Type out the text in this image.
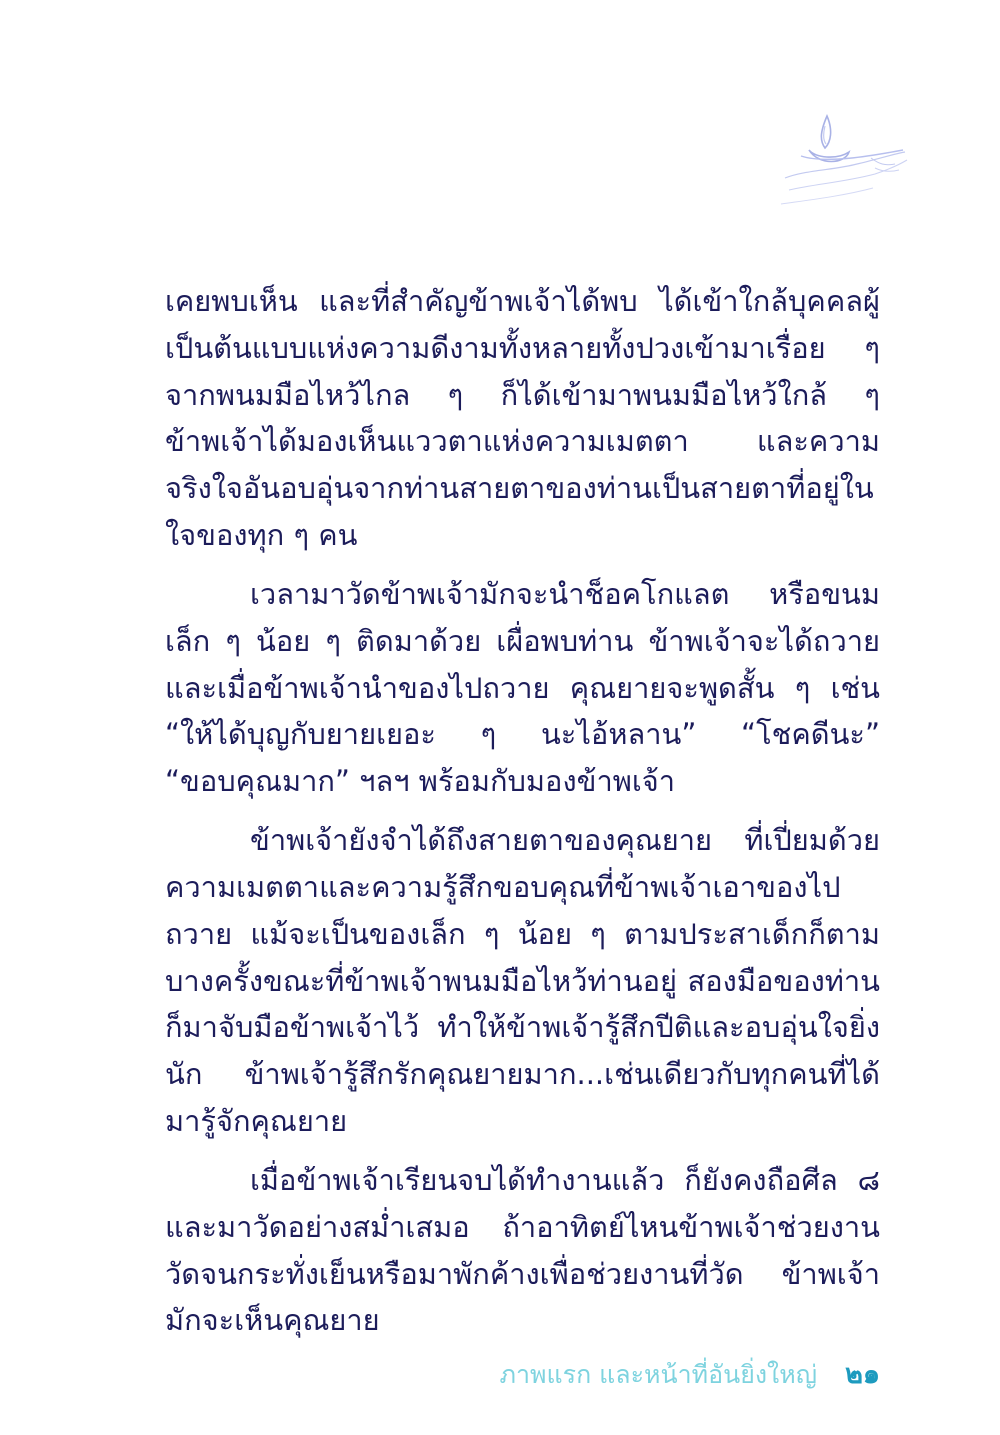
เคยพบเห็น และที่สำคัญข้าพเจ้าได้พบ ได้เข้าใกล้บุคคลผู้เป็นต้นแบบแห่งความดีงามทั้งหลายทั้งปวงเข้ามาเรื่อย ๆ จากพนมมือไหว้ไกล ๆ ก็ได้เข้ามาพนมมือไหว้ใกล้ ๆ ข้าพเจ้าได้มองเห็นแววตาแห่งความเมตตา และความจริงใจอันอบอุ่นจากท่านสายตาของท่านเป็นสายตาที่อยู่ในใจของทุก ๆ คน

เวลามาวัดข้าพเจ้ามักจะนำช็อคโกแลต หรือขนมเล็ก ๆ น้อย ๆ ติดมาด้วย เผื่อพบท่าน ข้าพเจ้าจะได้ถวาย และเมื่อข้าพเจ้านำของไปถวาย คุณยายจะพูดสั้น ๆ เช่น “ให้ได้บุญกับยายเยอะ ๆ นะไอ้หลาน” “โชคดีนะ” “ขอบคุณมาก” ฯลฯ พร้อมกับมองข้าพเจ้า

ข้าพเจ้ายังจำได้ถึงสายตาของคุณยาย ที่เปี่ยมด้วยความเมตตาและความรู้สึกขอบคุณที่ข้าพเจ้าเอาของไปถวาย แม้จะเป็นของเล็ก ๆ น้อย ๆ ตามประสาเด็กก็ตาม บางครั้งขณะที่ข้าพเจ้าพนมมือไหว้ท่านอยู่ สองมือของท่านก็มาจับมือข้าพเจ้าไว้ ทำให้ข้าพเจ้ารู้สึกปีติและอบอุ่นใจยิ่งนัก ข้าพเจ้ารู้สึกรักคุณยายมาก...เช่นเดียวกับทุกคนที่ได้มารู้จักคุณยาย

เมื่อข้าพเจ้าเรียนจบได้ทำงานแล้ว ก็ยังคงถือศีล ๘ และมาวัดอย่างสม่ำเสมอ ถ้าอาทิตย์ไหนข้าพเจ้าช่วยงานวัดจนกระทั่งเย็นหรือมาพักค้างเพื่อช่วยงานที่วัด ข้าพเจ้ามักจะเห็นคุณยาย

ภาพแรก และหน้าที่อันยิ่งใหญ่ ๒๑
